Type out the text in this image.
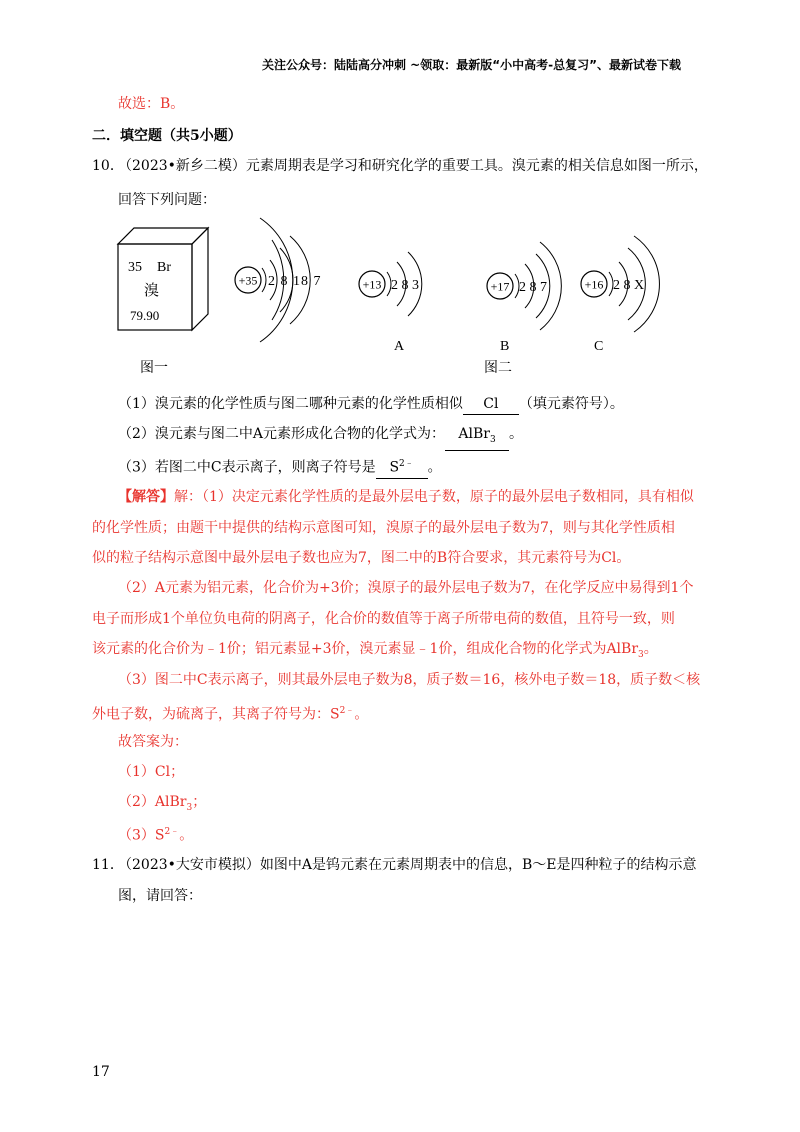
关注公众号：陆陆高分冲刺 ~领取：最新版“小中高考-总复习”、最新试卷下载
故选：B。
二．填空题（共5小题）
10．
（2023•新乡二模）元素周期表是学习和研究化学的重要工具。溴元素的相关信息如图一所示，
回答下列问题：
35 Br
溴
79.90
图一
+35 2 8 18 7	+13 2 8 3
A
+17 2 8 7
B
图二
+16 2 8 X
C
（1）溴元素的化学性质与图二哪种元素的化学性质相似 Cl （填元素符号）。
（2）溴元素与图二中A元素形成化合物的化学式为： AlBr$_3$ 。
（3）若图二中C表示离子，则离子符号是 $S^{2﹣}$ 。
【解答】解：（1）决定元素化学性质的是最外层电子数，原子的最外层电子数相同，具有相似
的化学性质；由题干中提供的结构示意图可知，溴原子的最外层电子数为7，则与其化学性质相
似的粒子结构示意图中最外层电子数也应为7，图二中的B符合要求，其元素符号为Cl。
（2）A元素为铝元素，化合价为+3价；溴原子的最外层电子数为7，在化学反应中易得到1个
电子而形成1个单位负电荷的阴离子，化合价的数值等于离子所带电荷的数值，且符号一致，则
该元素的化合价为﹣1价；铝元素显+3价，溴元素显﹣1价，组成化合物的化学式为AlBr$_3$。
（3）图二中C表示离子，则其最外层电子数为8，质子数＝16，核外电子数＝18，质子数＜核
外电子数，为硫离子，其离子符号为：$S^{2﹣}$。
故答案为：
（1）Cl；
（2）AlBr$_3$；
$(3)S^{2﹣}$。
11．
（2023•大安市模拟）如图中A是钨元素在元素周期表中的信息，B～E是四种粒子的结构示意
图，请回答：
17
